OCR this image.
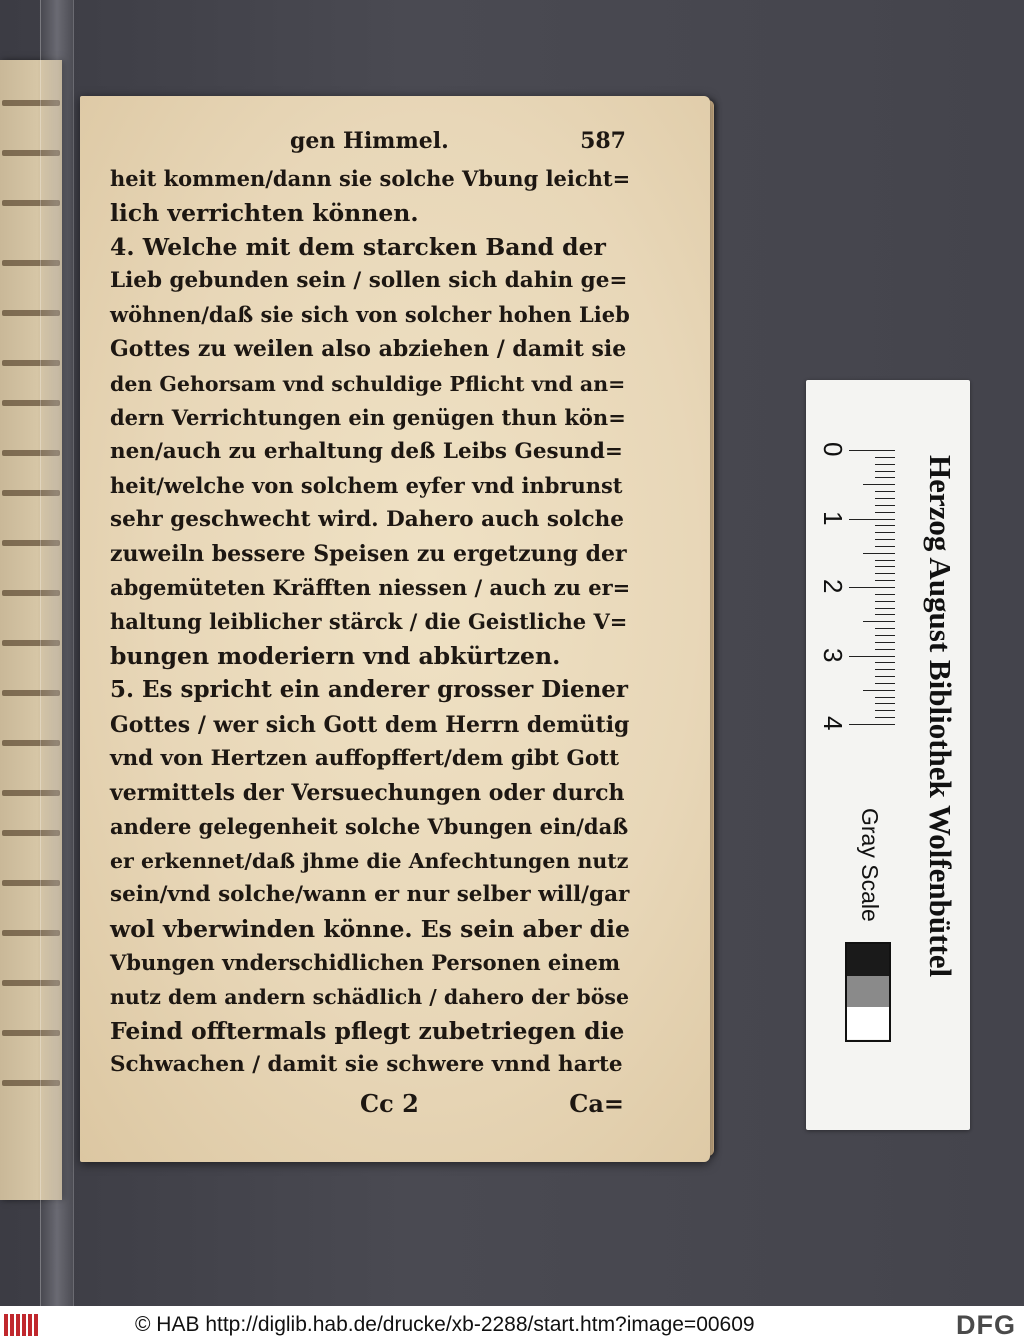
gen Himmel.	587
heit kommen/dann sie solche Vbung leicht=
lich verrichten können.
4. Welche mit dem starcken Band der
Lieb gebunden sein / sollen sich dahin ge=
wöhnen/daß sie sich von solcher hohen Lieb
Gottes zu weilen also abziehen / damit sie
den Gehorsam vnd schuldige Pflicht vnd an=
dern Verrichtungen ein genügen thun kön=
nen/auch zu erhaltung deß Leibs Gesund=
heit/welche von solchem eyfer vnd inbrunst
sehr geschwecht wird. Dahero auch solche
zuweiln bessere Speisen zu ergetzung der
abgemüteten Kräfften niessen / auch zu er=
haltung leiblicher stärck / die Geistliche V=
bungen moderiern vnd abkürtzen.
5. Es spricht ein anderer grosser Diener
Gottes / wer sich Gott dem Herrn demütig
vnd von Hertzen auffopffert/dem gibt Gott
vermittels der Versuechungen oder durch
andere gelegenheit solche Vbungen ein/daß
er erkennet/daß jhme die Anfechtungen nutz
sein/vnd solche/wann er nur selber will/gar
wol vberwinden könne. Es sein aber die
Vbungen vnderschidlichen Personen einem
nutz dem andern schädlich / dahero der böse
Feind offtermals pflegt zubetriegen die
Schwachen / damit sie schwere vnnd harte
Cc 2	Ca=
Herzog August Bibliothek Wolfenbüttel
0
1
2
3
4
Gray Scale
© HAB http://diglib.hab.de/drucke/xb-2288/start.htm?image=00609	DFG
